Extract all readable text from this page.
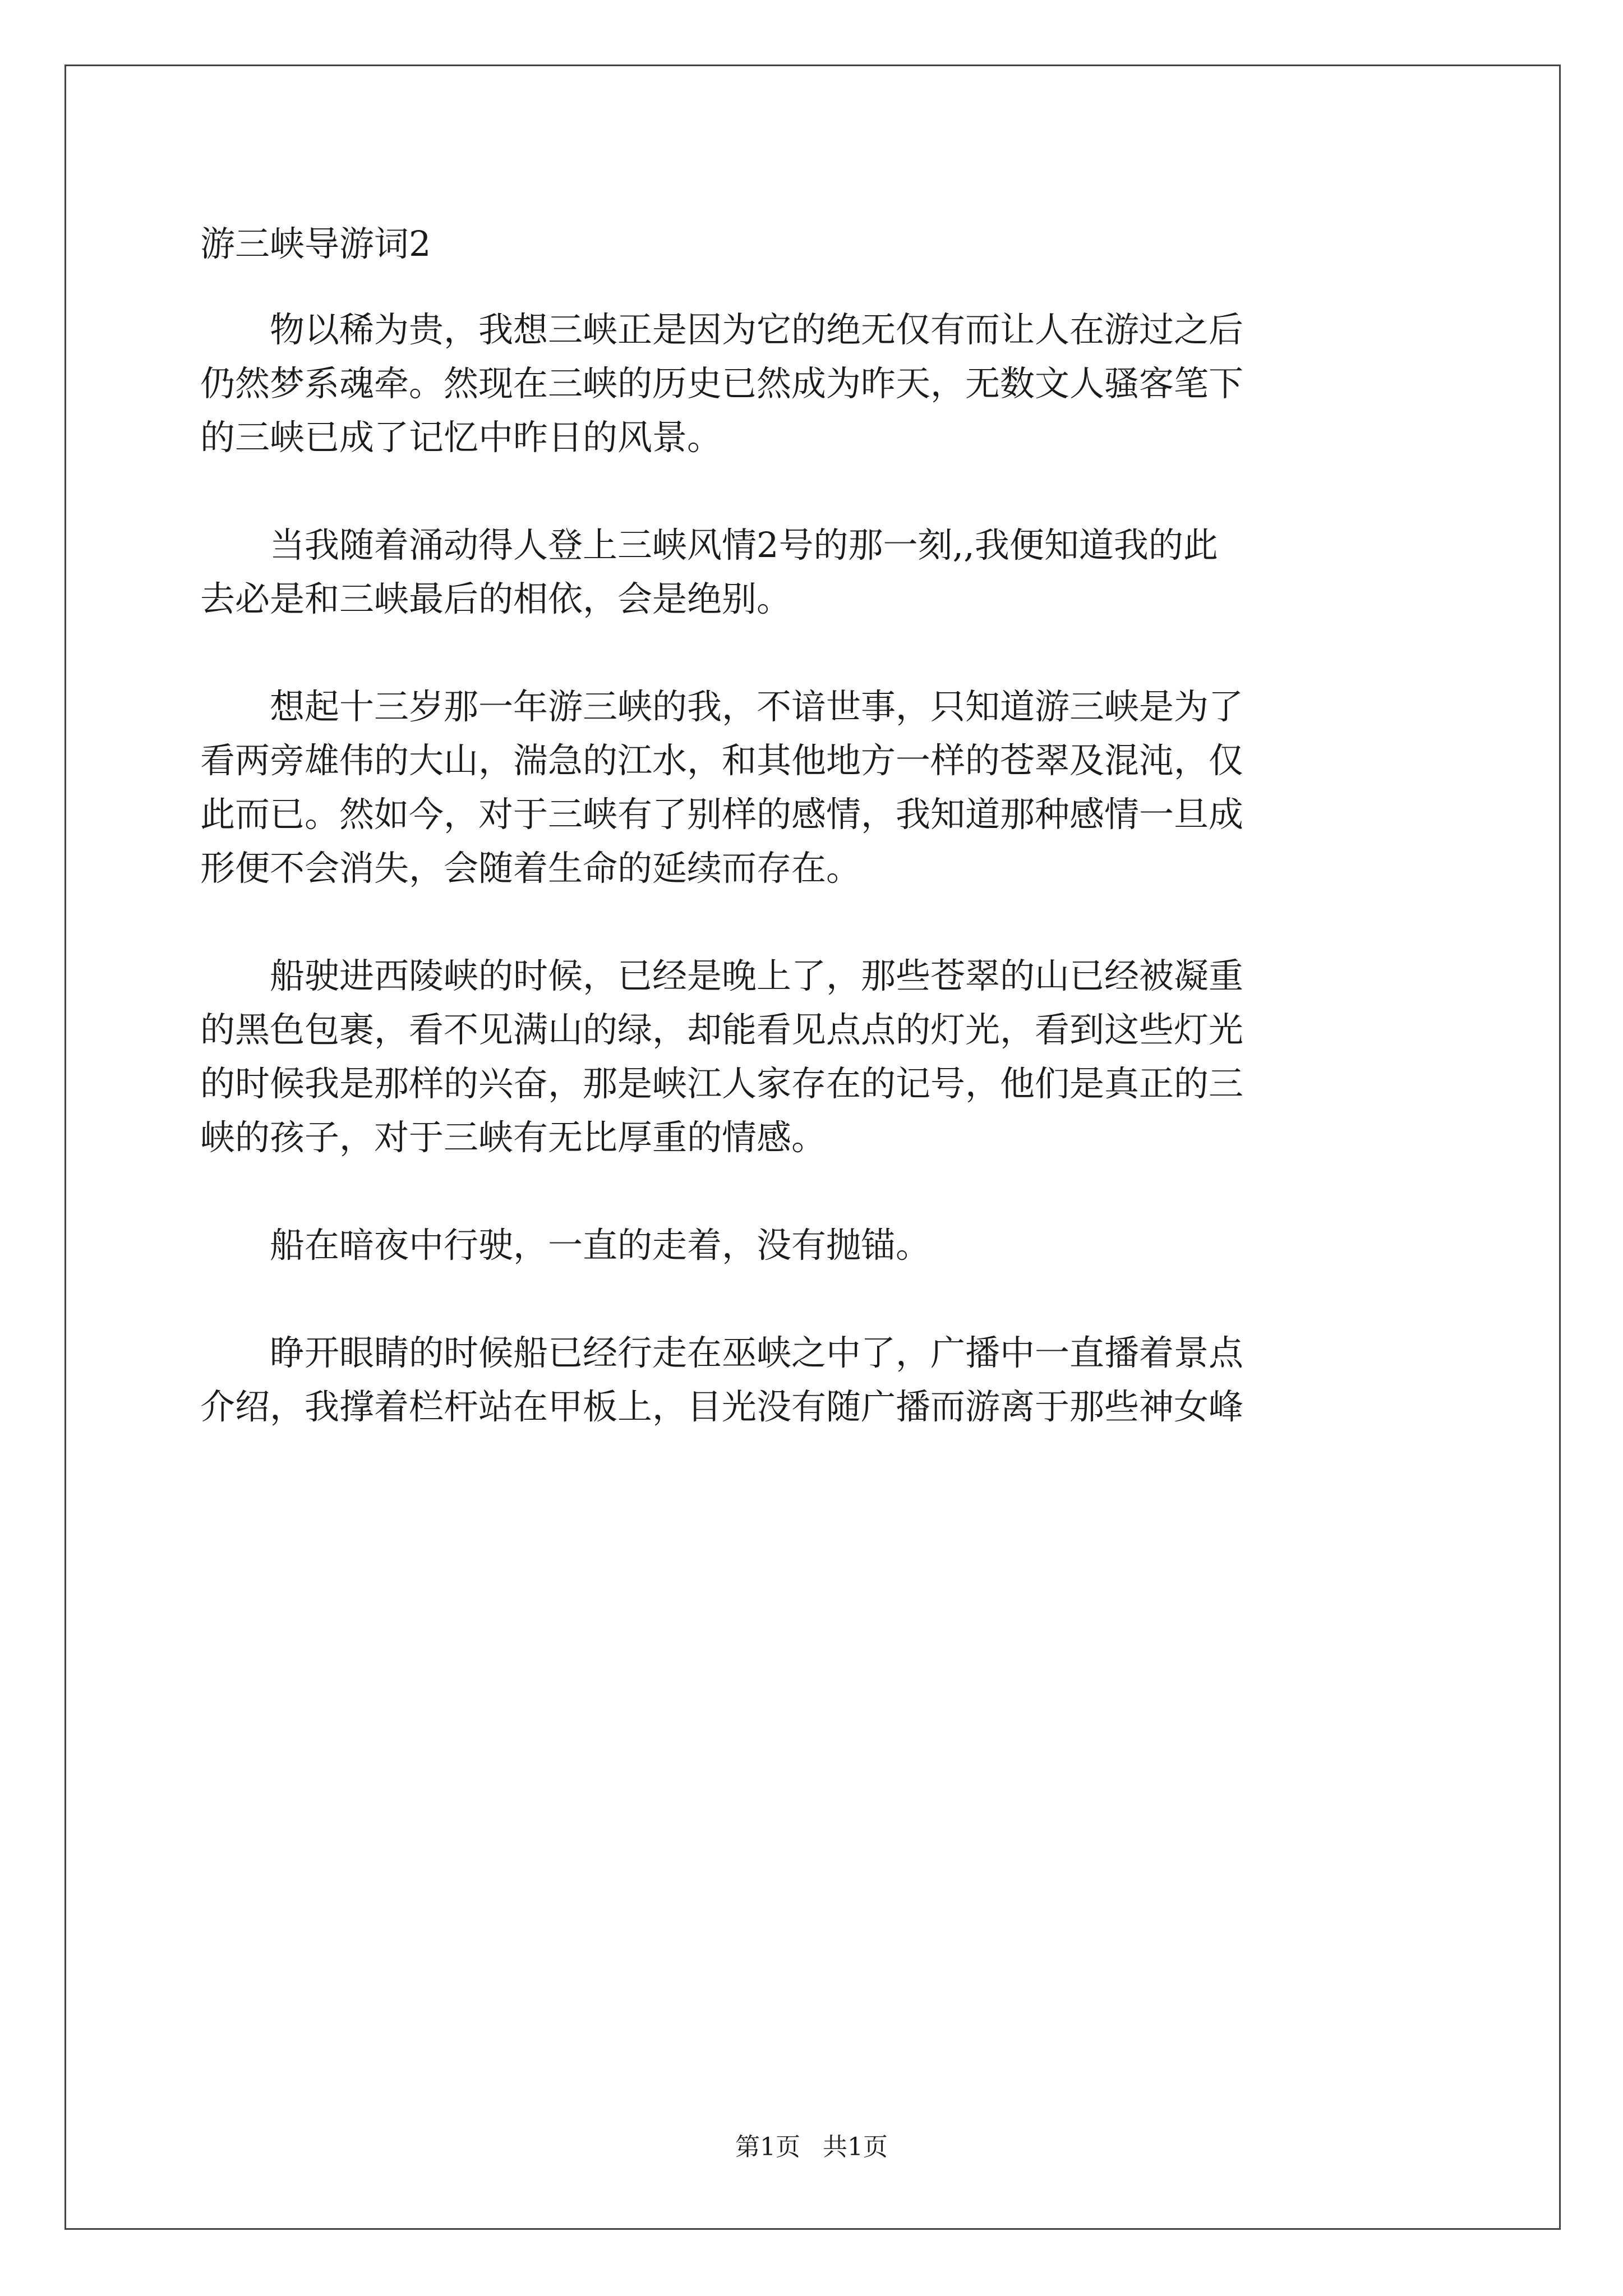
游三峡导游词2
　　物以稀为贵，我想三峡正是因为它的绝无仅有而让人在游过之后
仍然梦系魂牵。然现在三峡的历史已然成为昨天，无数文人骚客笔下
的三峡已成了记忆中昨日的风景。
　　当我随着涌动得人登上三峡风情2号的那一刻,,我便知道我的此
去必是和三峡最后的相依，会是绝别。
　　想起十三岁那一年游三峡的我，不谙世事，只知道游三峡是为了
看两旁雄伟的大山，湍急的江水，和其他地方一样的苍翠及混沌，仅
此而已。然如今，对于三峡有了别样的感情，我知道那种感情一旦成
形便不会消失，会随着生命的延续而存在。
　　船驶进西陵峡的时候，已经是晚上了，那些苍翠的山已经被凝重
的黑色包裹，看不见满山的绿，却能看见点点的灯光，看到这些灯光
的时候我是那样的兴奋，那是峡江人家存在的记号，他们是真正的三
峡的孩子，对于三峡有无比厚重的情感。
　　船在暗夜中行驶，一直的走着，没有抛锚。
　　睁开眼睛的时候船已经行走在巫峡之中了，广播中一直播着景点
介绍，我撑着栏杆站在甲板上，目光没有随广播而游离于那些神女峰
第1页 共1页
